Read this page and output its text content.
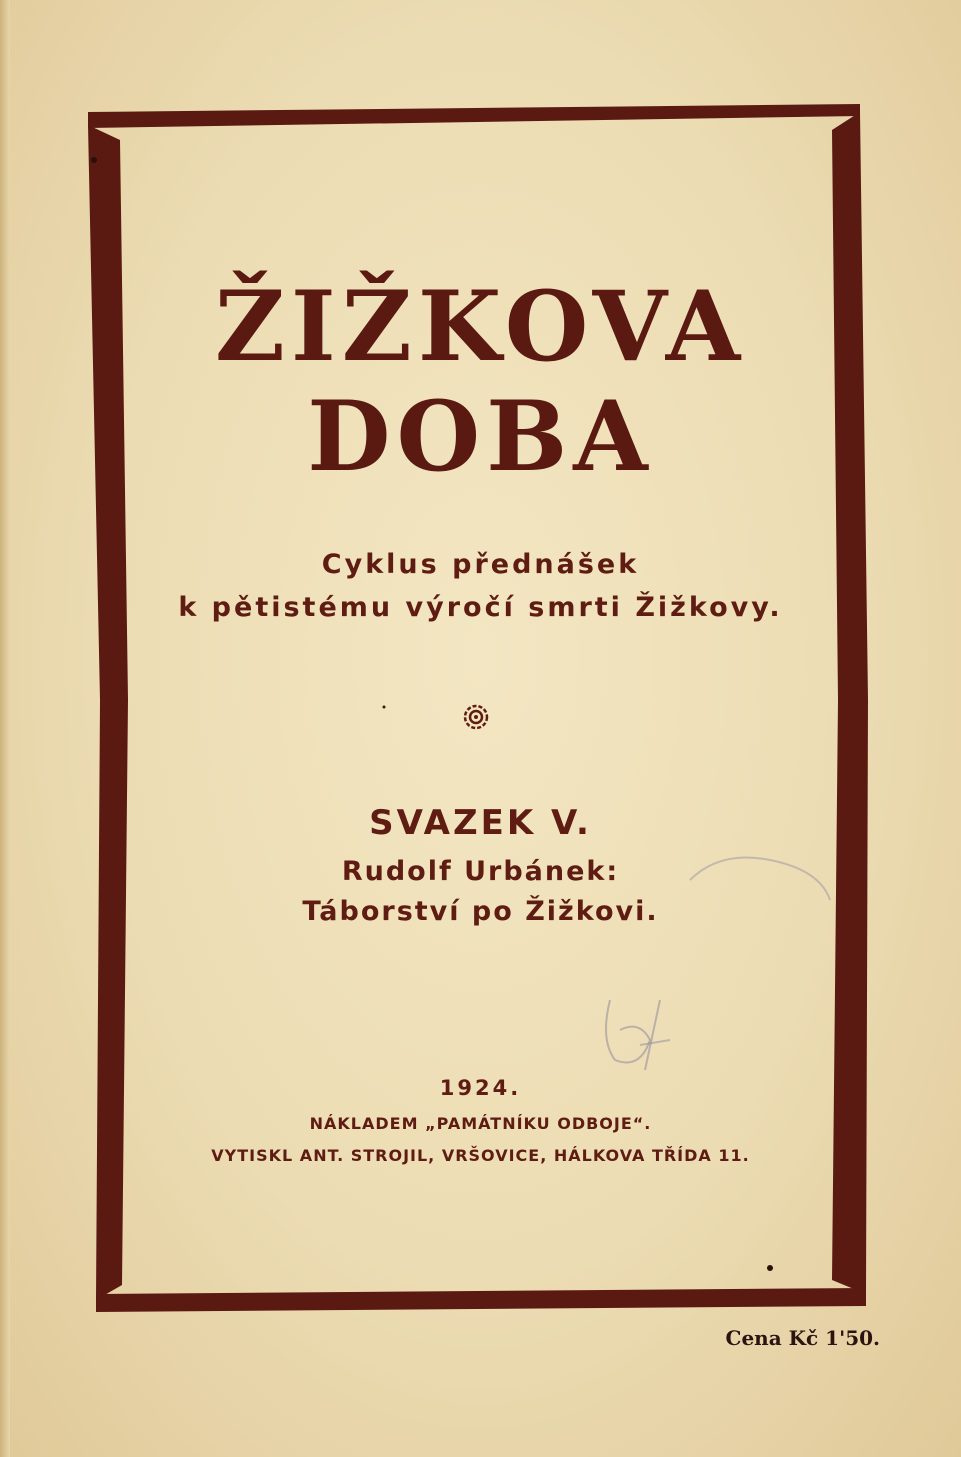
ŽIŽKOVA
DOBA
Cyklus přednášek
k pětistému výročí smrti Žižkovy.
SVAZEK V.
Rudolf Urbánek:
Táborství po Žižkovi.
1924.
NÁKLADEM „PAMÁTNÍKU ODBOJE“.
VYTISKL ANT. STROJIL, VRŠOVICE, HÁLKOVA TŘÍDA 11.
Cena Kč 1'50.
